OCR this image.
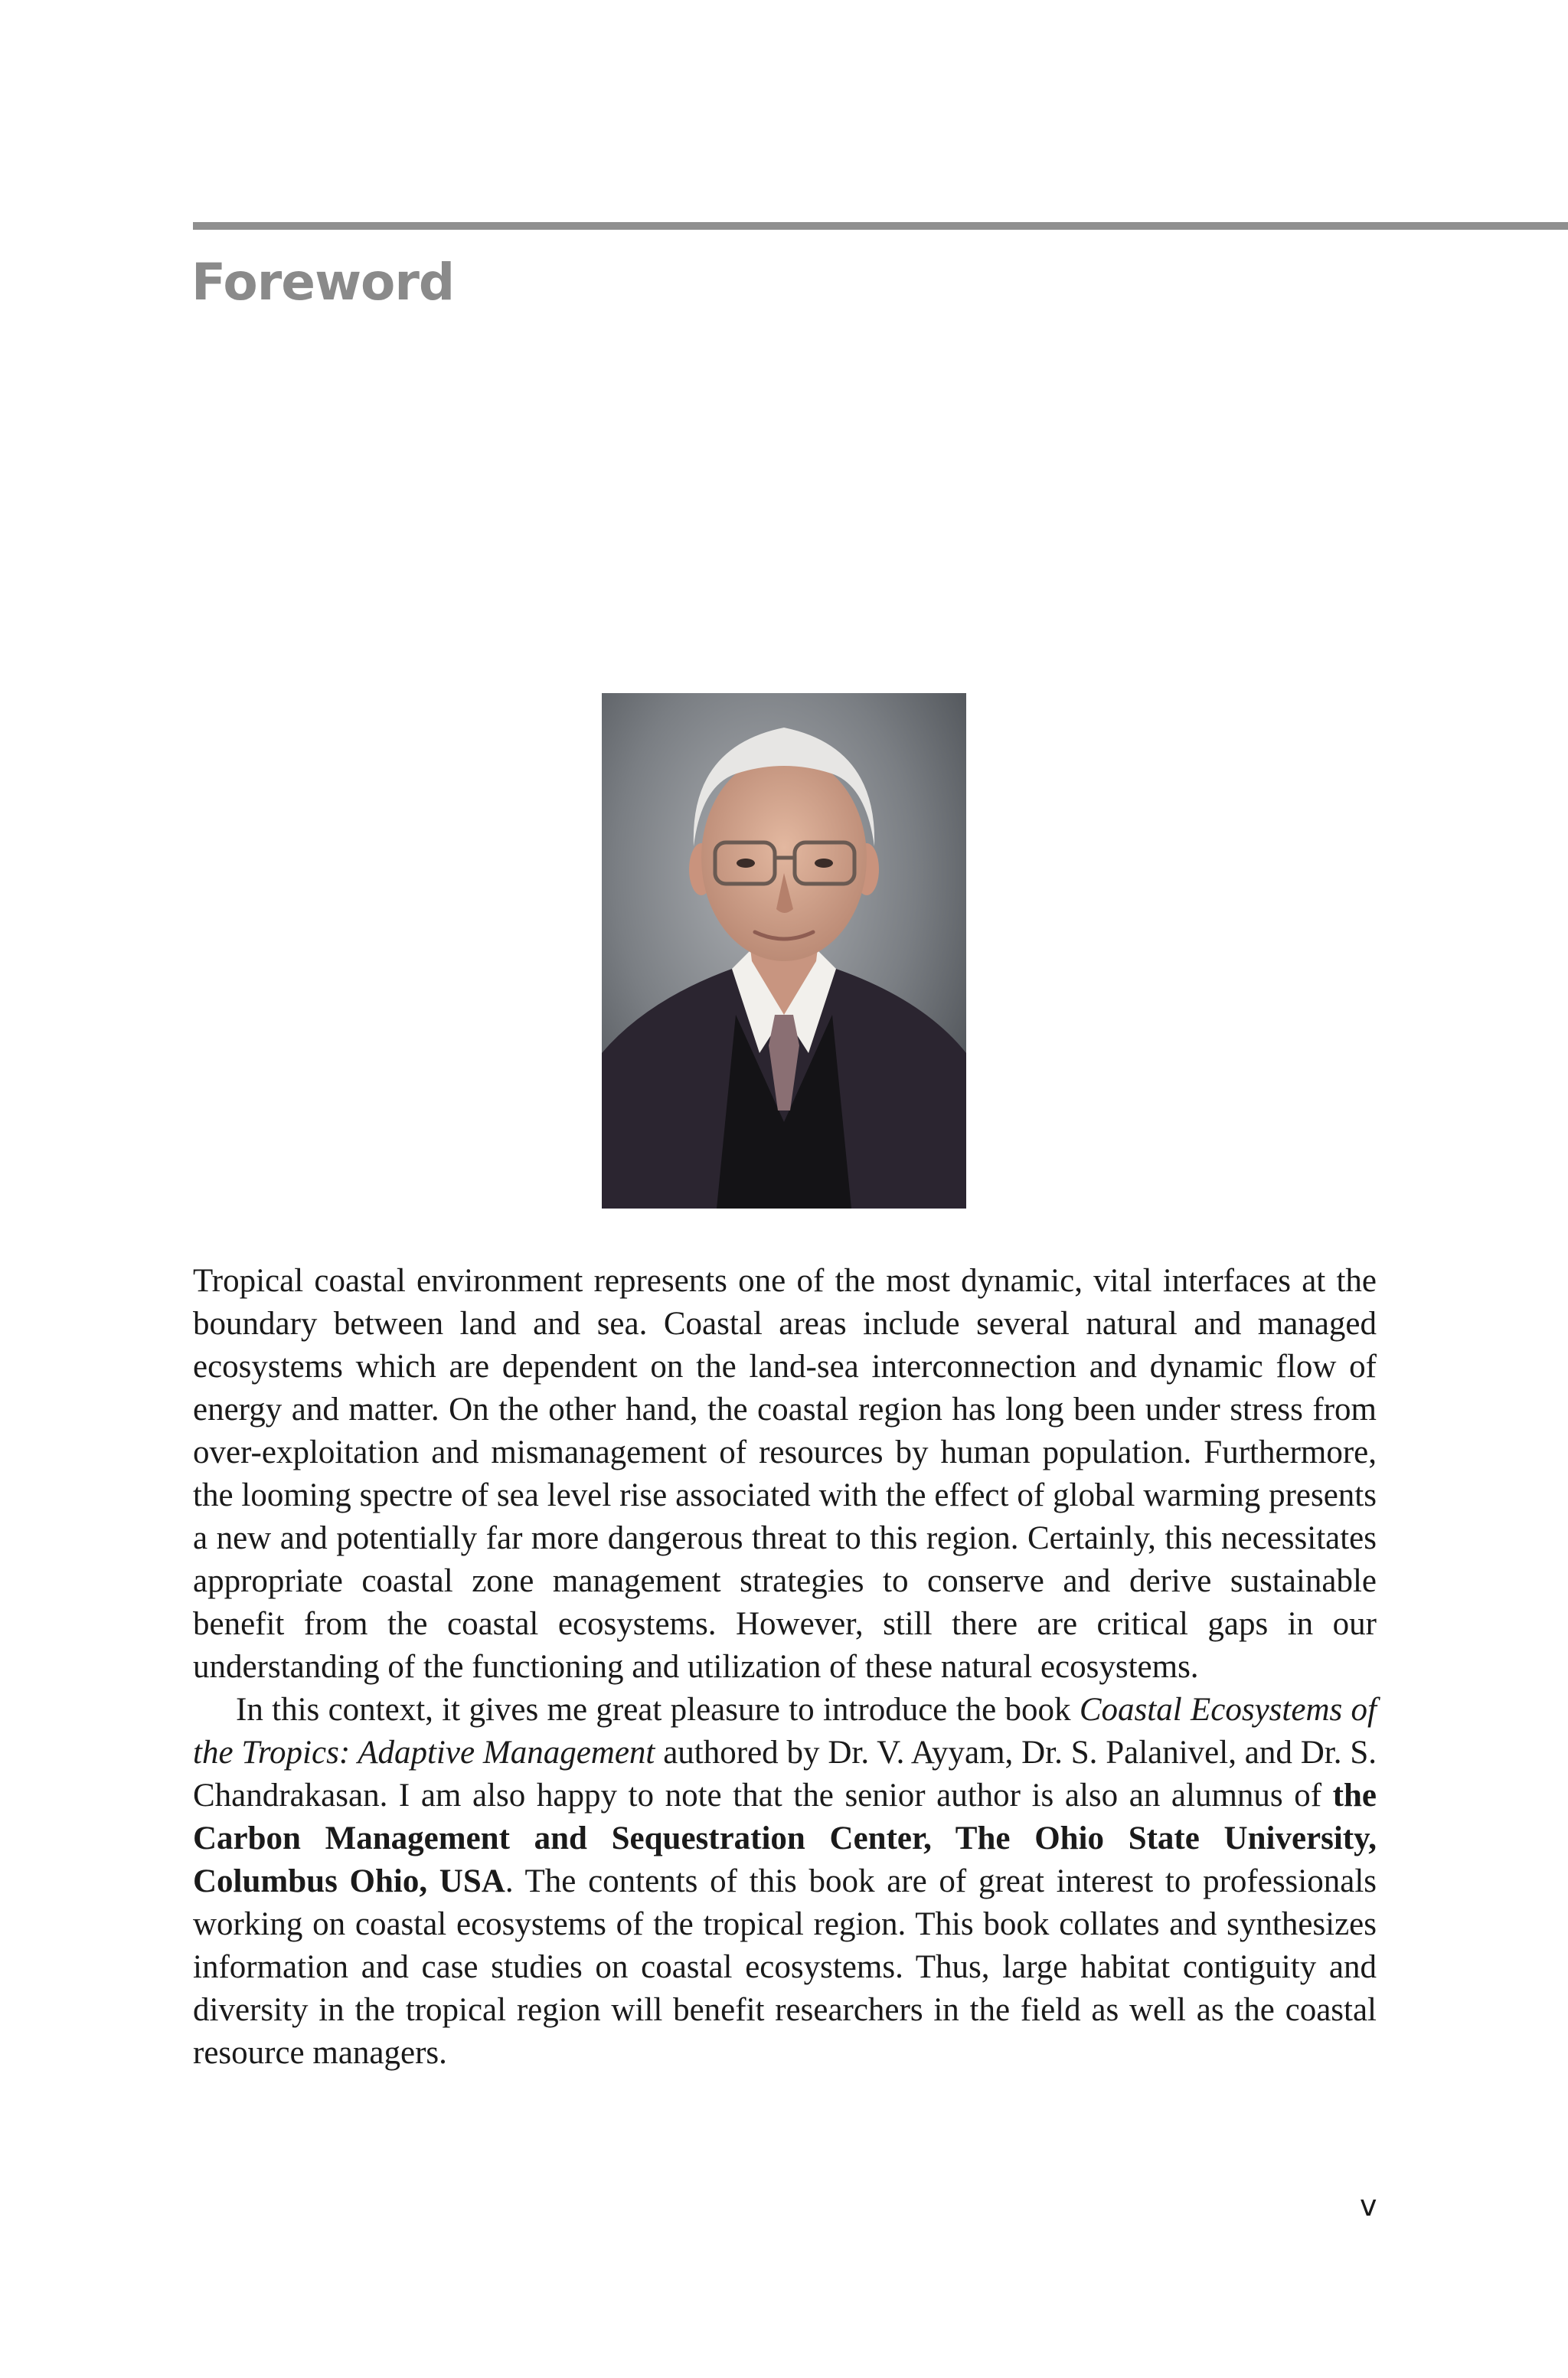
Foreword

Tropical coastal environment represents one of the most dynamic, vital interfaces at the boundary between land and sea. Coastal areas include several natural and managed ecosystems which are dependent on the land-sea interconnection and dynamic flow of energy and matter. On the other hand, the coastal region has long been under stress from over-exploitation and mismanagement of resources by human population. Furthermore, the looming spectre of sea level rise associated with the effect of global warming presents a new and potentially far more dangerous threat to this region. Certainly, this necessitates appropriate coastal zone management strategies to conserve and derive sustainable benefit from the coastal ecosystems. However, still there are critical gaps in our understanding of the functioning and utilization of these natural ecosystems.

In this context, it gives me great pleasure to introduce the book Coastal Ecosystems of the Tropics: Adaptive Management authored by Dr. V. Ayyam, Dr. S. Palanivel, and Dr. S. Chandrakasan. I am also happy to note that the senior author is also an alumnus of the Carbon Management and Sequestration Center, The Ohio State University, Columbus Ohio, USA. The contents of this book are of great interest to professionals working on coastal ecosystems of the tropical region. This book collates and synthesizes information and case studies on coastal ecosystems. Thus, large habitat contiguity and diversity in the tropical region will benefit researchers in the field as well as the coastal resource managers.

v
